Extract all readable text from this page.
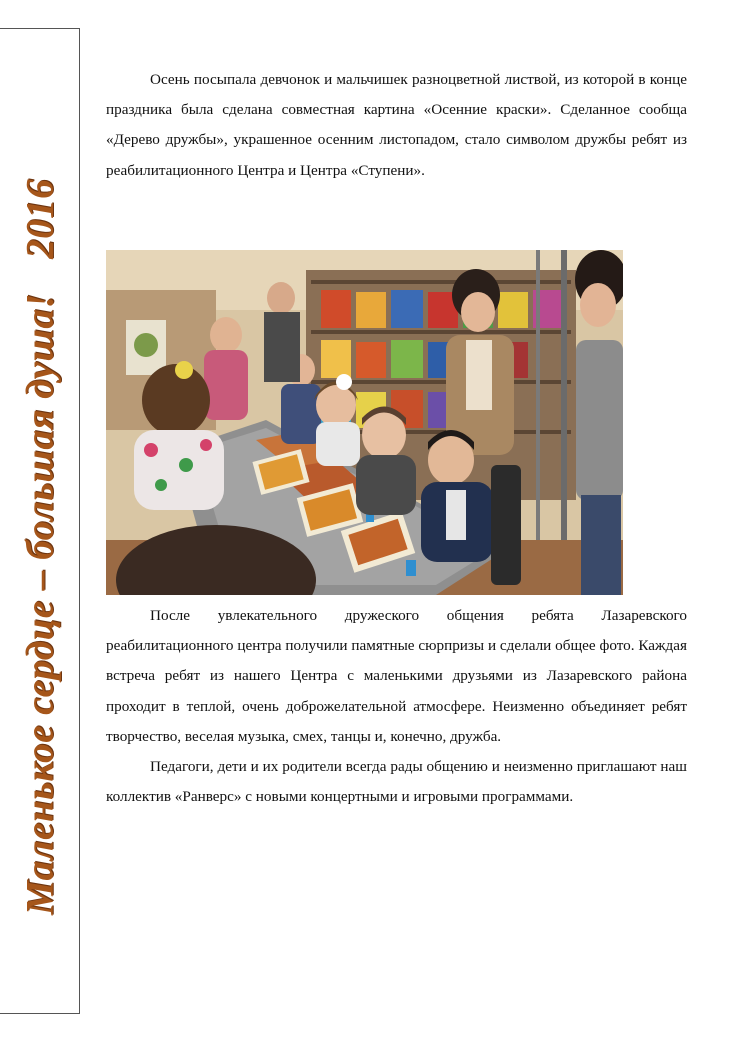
Маленькое сердце – большая душа!2016

Осень посыпала девчонок и мальчишек разноцветной листвой, из которой в конце праздника была сделана совместная картина «Осенние краски». Сделанное сообща «Дерево дружбы», украшенное осенним листопадом, стало символом дружбы ребят из реабилитационного Центра и Центра «Ступени».

После увлекательного дружеского общения ребята Лазаревского реабилитационного центра получили памятные сюрпризы и сделали общее фото. Каждая встреча ребят из нашего Центра с маленькими друзьями из Лазаревского района проходит в теплой, очень доброжелательной атмосфере. Неизменно объединяет ребят творчество, веселая музыка, смех, танцы и, конечно, дружба.

Педагоги, дети и их родители всегда рады общению и неизменно приглашают наш коллектив «Ранверс» с новыми концертными и игровыми программами.
